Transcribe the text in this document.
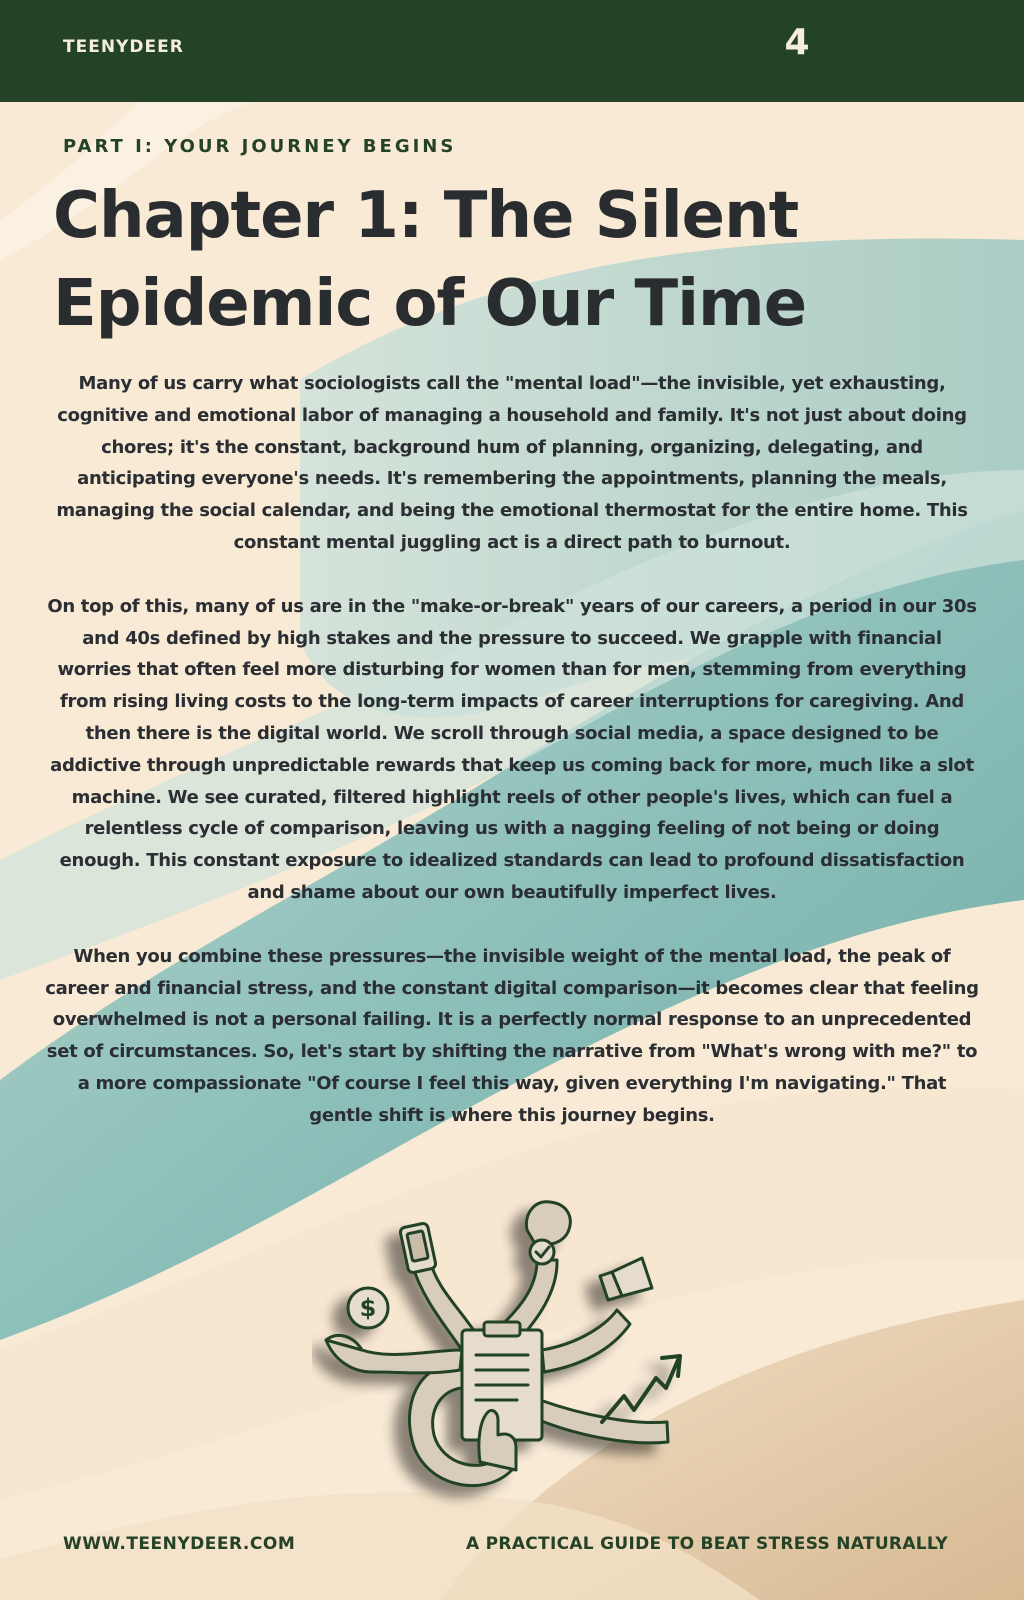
TEENYDEER	4
PART I: YOUR JOURNEY BEGINS
Chapter 1: The Silent Epidemic of Our Time

Many of us carry what sociologists call the "mental load"—the invisible, yet exhausting, cognitive and emotional labor of managing a household and family. It's not just about doing chores; it's the constant, background hum of planning, organizing, delegating, and anticipating everyone's needs. It's remembering the appointments, planning the meals, managing the social calendar, and being the emotional thermostat for the entire home. This constant mental juggling act is a direct path to burnout.

On top of this, many of us are in the "make-or-break" years of our careers, a period in our 30s and 40s defined by high stakes and the pressure to succeed. We grapple with financial worries that often feel more disturbing for women than for men, stemming from everything from rising living costs to the long-term impacts of career interruptions for caregiving. And then there is the digital world. We scroll through social media, a space designed to be addictive through unpredictable rewards that keep us coming back for more, much like a slot machine. We see curated, filtered highlight reels of other people's lives, which can fuel a relentless cycle of comparison, leaving us with a nagging feeling of not being or doing enough. This constant exposure to idealized standards can lead to profound dissatisfaction and shame about our own beautifully imperfect lives.

When you combine these pressures—the invisible weight of the mental load, the peak of career and financial stress, and the constant digital comparison—it becomes clear that feeling overwhelmed is not a personal failing. It is a perfectly normal response to an unprecedented set of circumstances. So, let's start by shifting the narrative from "What's wrong with me?" to a more compassionate "Of course I feel this way, given everything I'm navigating." That gentle shift is where this journey begins.

$
WWW.TEENYDEER.COM	A PRACTICAL GUIDE TO BEAT STRESS NATURALLY
